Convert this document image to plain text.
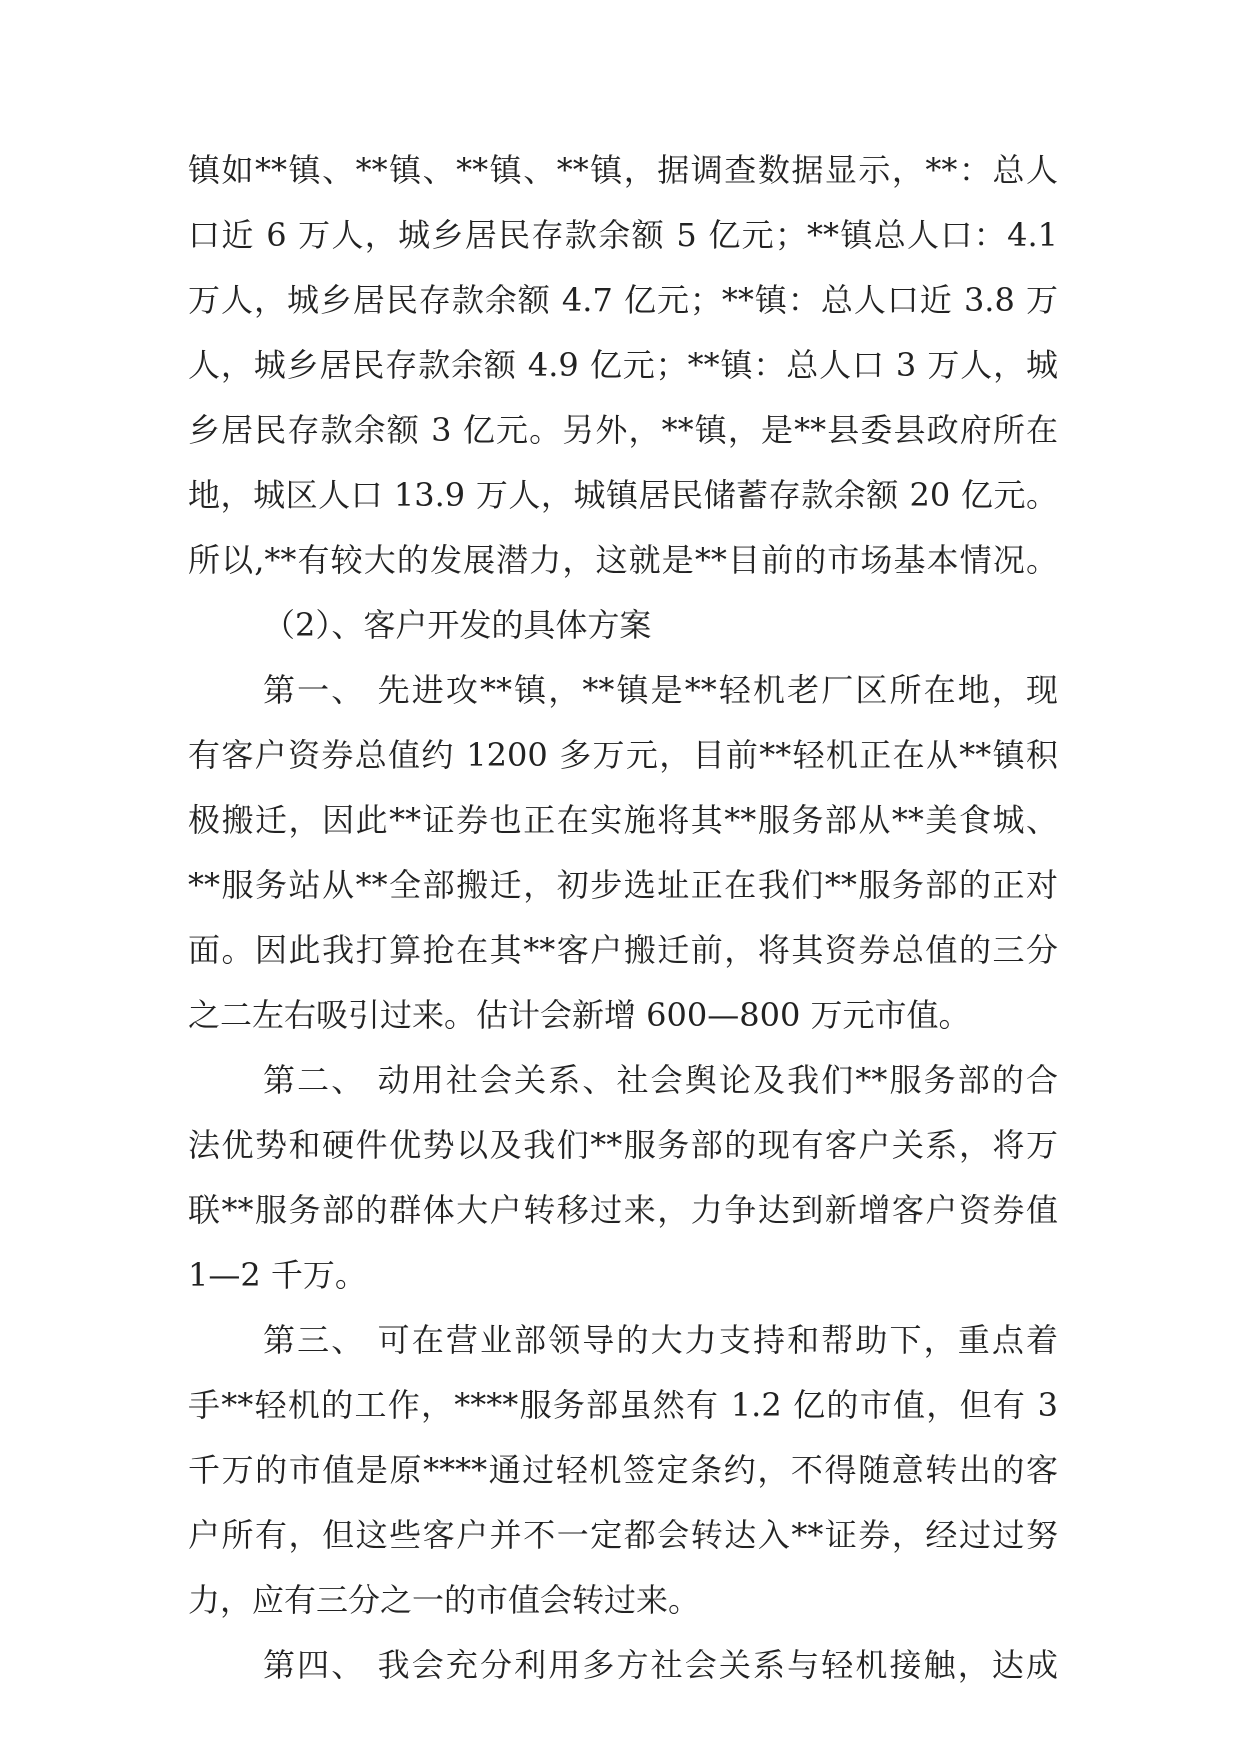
镇如**镇、**镇、**镇、**镇，据调查数据显示，**：总人
口近 6 万人，城乡居民存款余额 5 亿元；**镇总人口：4.1
万人，城乡居民存款余额 4.7 亿元；**镇：总人口近 3.8 万
人，城乡居民存款余额 4.9 亿元；**镇：总人口 3 万人，城
乡居民存款余额 3 亿元。另外，**镇，是**县委县政府所在
地，城区人口 13.9 万人，城镇居民储蓄存款余额 20 亿元。
所以,**有较大的发展潜力，这就是**目前的市场基本情况。
（2）、客户开发的具体方案
第一、 先进攻**镇，**镇是**轻机老厂区所在地，现
有客户资券总值约 1200 多万元，目前**轻机正在从**镇积
极搬迁，因此**证券也正在实施将其**服务部从**美食城、
**服务站从**全部搬迁，初步选址正在我们**服务部的正对
面。因此我打算抢在其**客户搬迁前，将其资券总值的三分
之二左右吸引过来。估计会新增 600—800 万元市值。
第二、 动用社会关系、社会舆论及我们**服务部的合
法优势和硬件优势以及我们**服务部的现有客户关系，将万
联**服务部的群体大户转移过来，力争达到新增客户资券值
1—2 千万。
第三、 可在营业部领导的大力支持和帮助下，重点着
手**轻机的工作，****服务部虽然有 1.2 亿的市值，但有 3
千万的市值是原****通过轻机签定条约，不得随意转出的客
户所有，但这些客户并不一定都会转达入**证券，经过过努
力，应有三分之一的市值会转过来。
第四、 我会充分利用多方社会关系与轻机接触，达成
